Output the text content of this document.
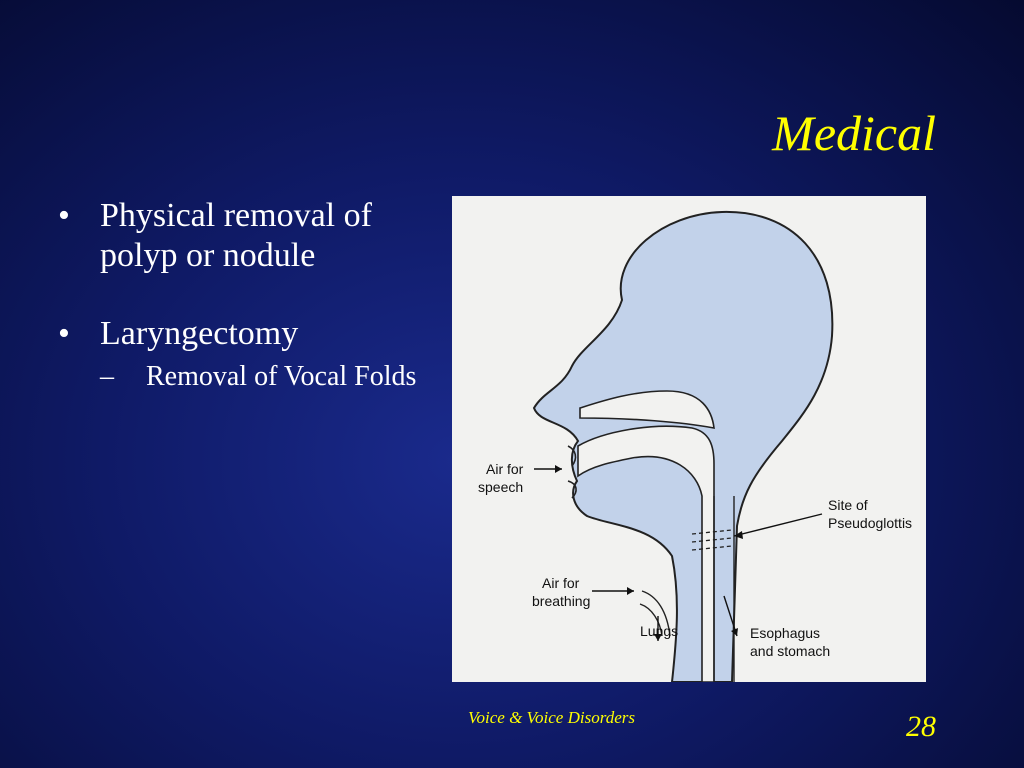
Medical
• Physical removal of polyp or nodule
• Laryngectomy
– Removal of Vocal Folds
Air for
speech
Site of
Pseudoglottis
Air for
breathing
Lungs	Esophagus
and stomach
Voice & Voice Disorders	28
